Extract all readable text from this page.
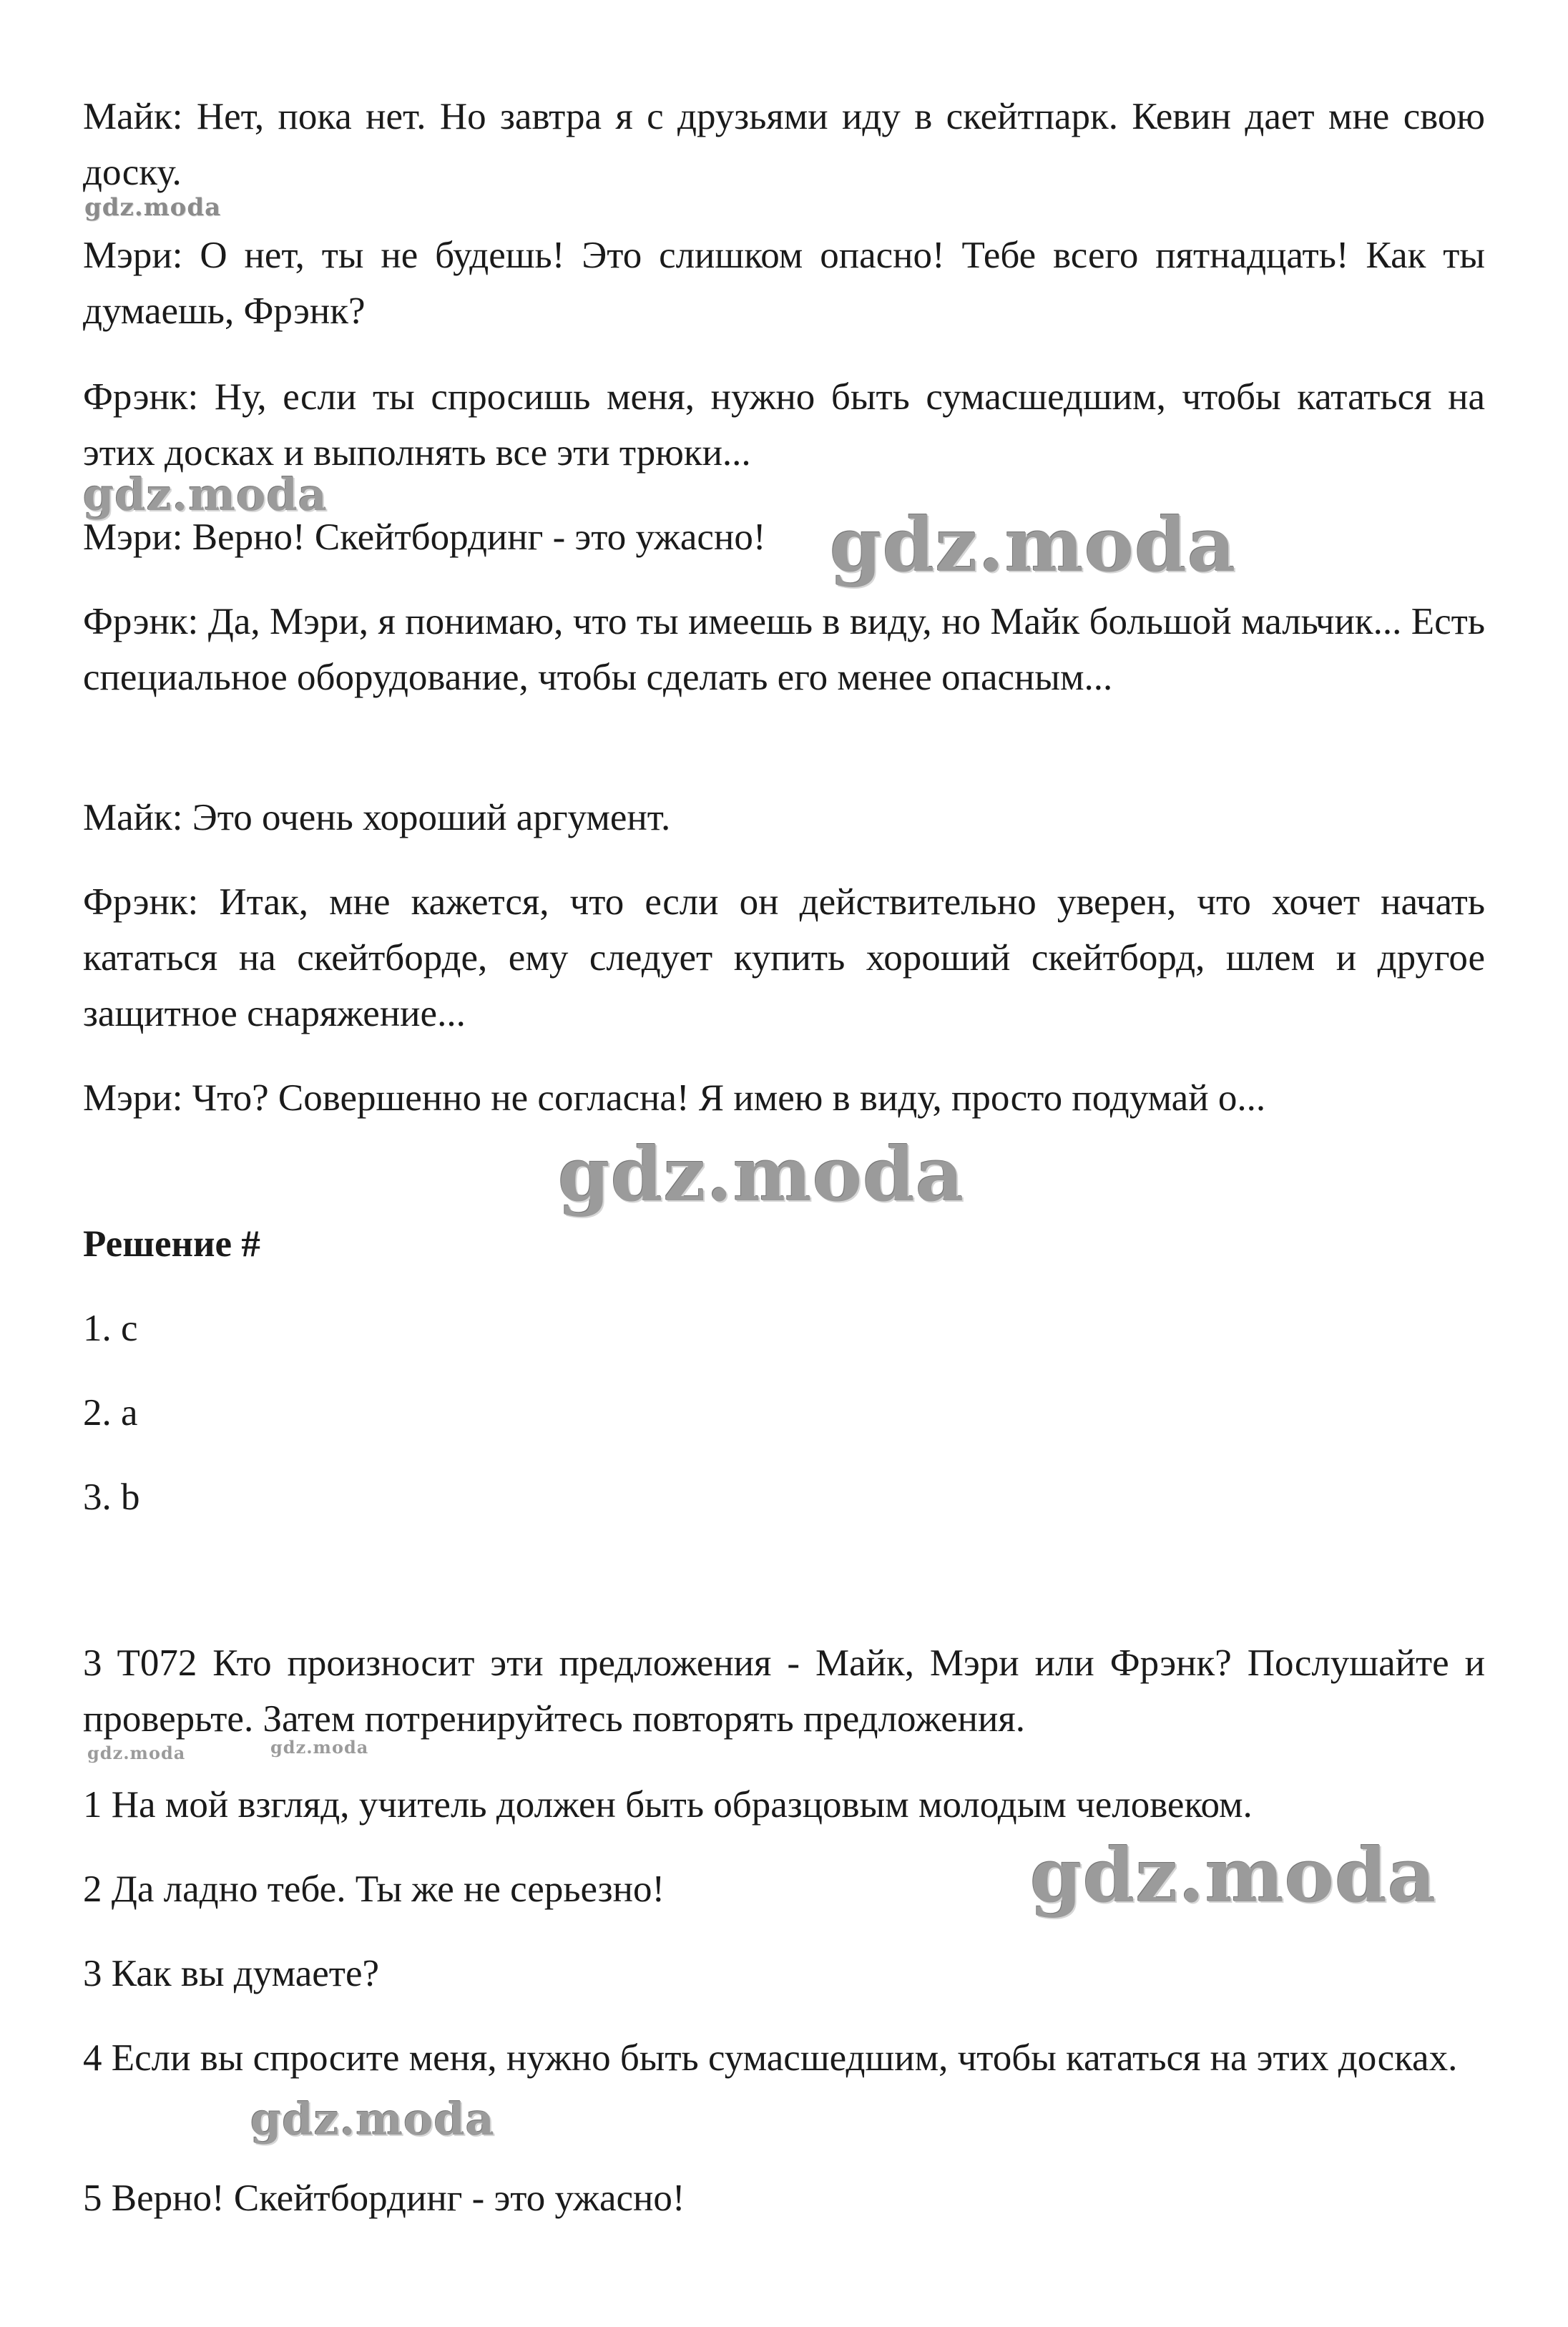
Майк: Нет, пока нет. Но завтра я с друзьями иду в скейтпарк. Кевин дает мне свою доску.

Мэри: О нет, ты не будешь! Это слишком опасно! Тебе всего пятнадцать! Как ты думаешь, Фрэнк?

Фрэнк: Ну, если ты спросишь меня, нужно быть сумасшедшим, чтобы кататься на этих досках и выполнять все эти трюки...

Мэри: Верно! Скейтбординг - это ужасно!

Фрэнк: Да, Мэри, я понимаю, что ты имеешь в виду, но Майк большой мальчик... Есть специальное оборудование, чтобы сделать его менее опасным...

Майк: Это очень хороший аргумент.

Фрэнк: Итак, мне кажется, что если он действительно уверен, что хочет начать кататься на скейтборде, ему следует купить хороший скейтборд, шлем и другое защитное снаряжение...

Мэри: Что? Совершенно не согласна! Я имею в виду, просто подумай о...

Решение #

1. c

2. a

3. b

3 T072 Кто произносит эти предложения - Майк, Мэри или Фрэнк? Послушайте и проверьте. Затем потренируйтесь повторять предложения.

1 На мой взгляд, учитель должен быть образцовым молодым человеком.

2 Да ладно тебе. Ты же не серьезно!

3 Как вы думаете?

4 Если вы спросите меня, нужно быть сумасшедшим, чтобы кататься на этих досках.

5 Верно! Скейтбординг - это ужасно!

gdz.moda
gdz.moda
gdz.moda
gdz.moda
gdz.moda	gdz.moda
gdz.moda
gdz.moda
